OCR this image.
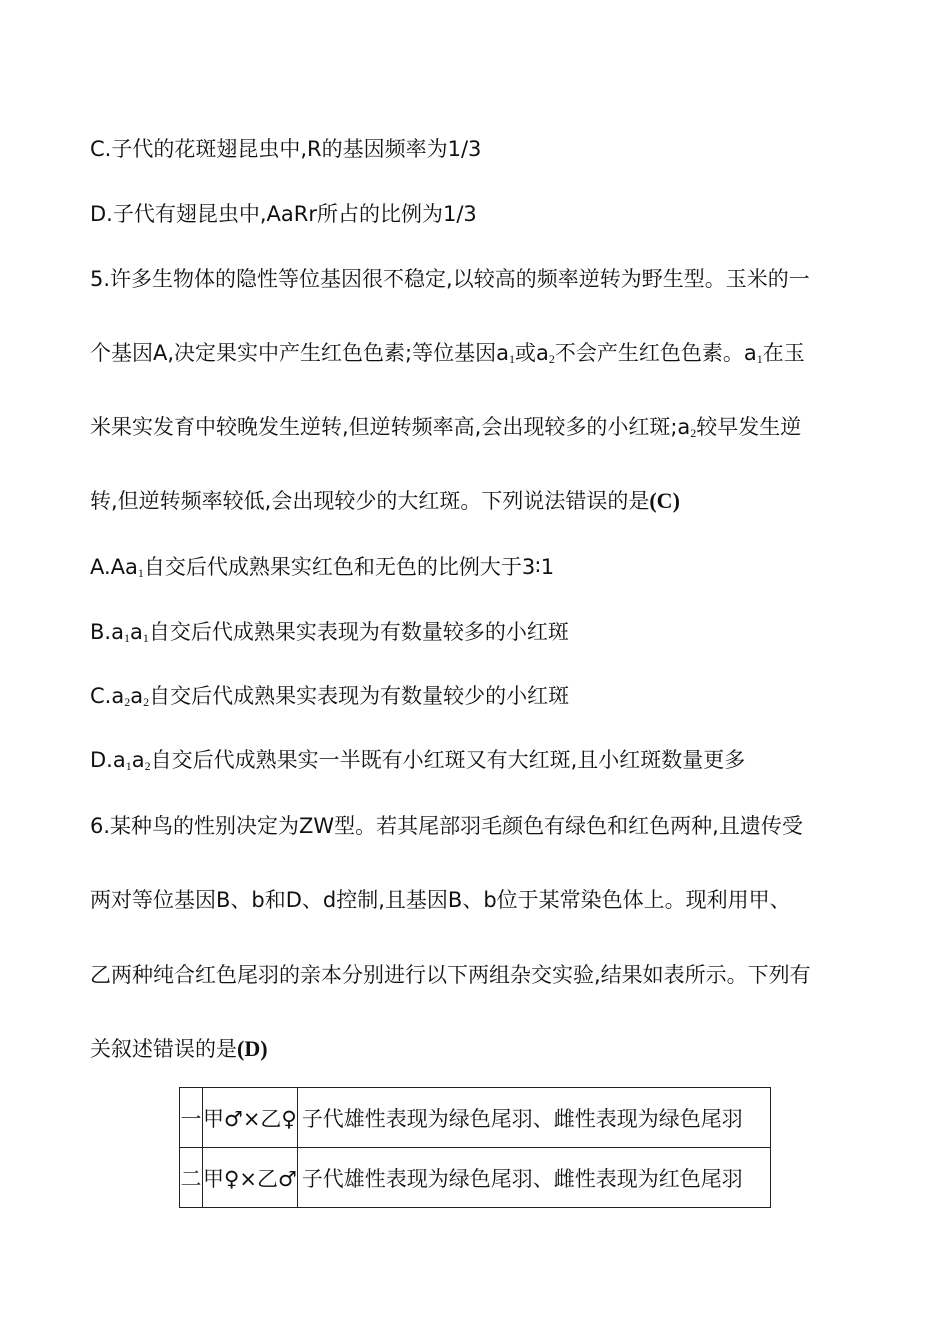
C.子代的花斑翅昆虫中,R的基因频率为1/3
D.子代有翅昆虫中,AaRr所占的比例为1/3
5.许多生物体的隐性等位基因很不稳定,以较高的频率逆转为野生型。玉米的一
个基因A,决定果实中产生红色色素;等位基因$a_1$或$a_2$不会产生红色色素。$a_1$在玉
米果实发育中较晚发生逆转,但逆转频率高,会出现较多的小红斑$;a_2$较早发生逆
转,但逆转频率较低,会出现较少的大红斑。下列说法错误的是(C)
$A.Aa_1$自交后代成熟果实红色和无色的比例大于3∶1
$B.a_1a_1$自交后代成熟果实表现为有数量较多的小红斑
$C.a_2a_2$自交后代成熟果实表现为有数量较少的小红斑
$D.a_1a_2$自交后代成熟果实一半既有小红斑又有大红斑,且小红斑数量更多
6.某种鸟的性别决定为ZW型。若其尾部羽毛颜色有绿色和红色两种,且遗传受
两对等位基因B、b和D、d控制,且基因B、b位于某常染色体上。现利用甲、
乙两种纯合红色尾羽的亲本分别进行以下两组杂交实验,结果如表所示。下列有
关叙述错误的是(D)
一	甲♂×乙♀	子代雄性表现为绿色尾羽、雌性表现为绿色尾羽
二	甲♀×乙♂	子代雄性表现为绿色尾羽、雌性表现为红色尾羽
